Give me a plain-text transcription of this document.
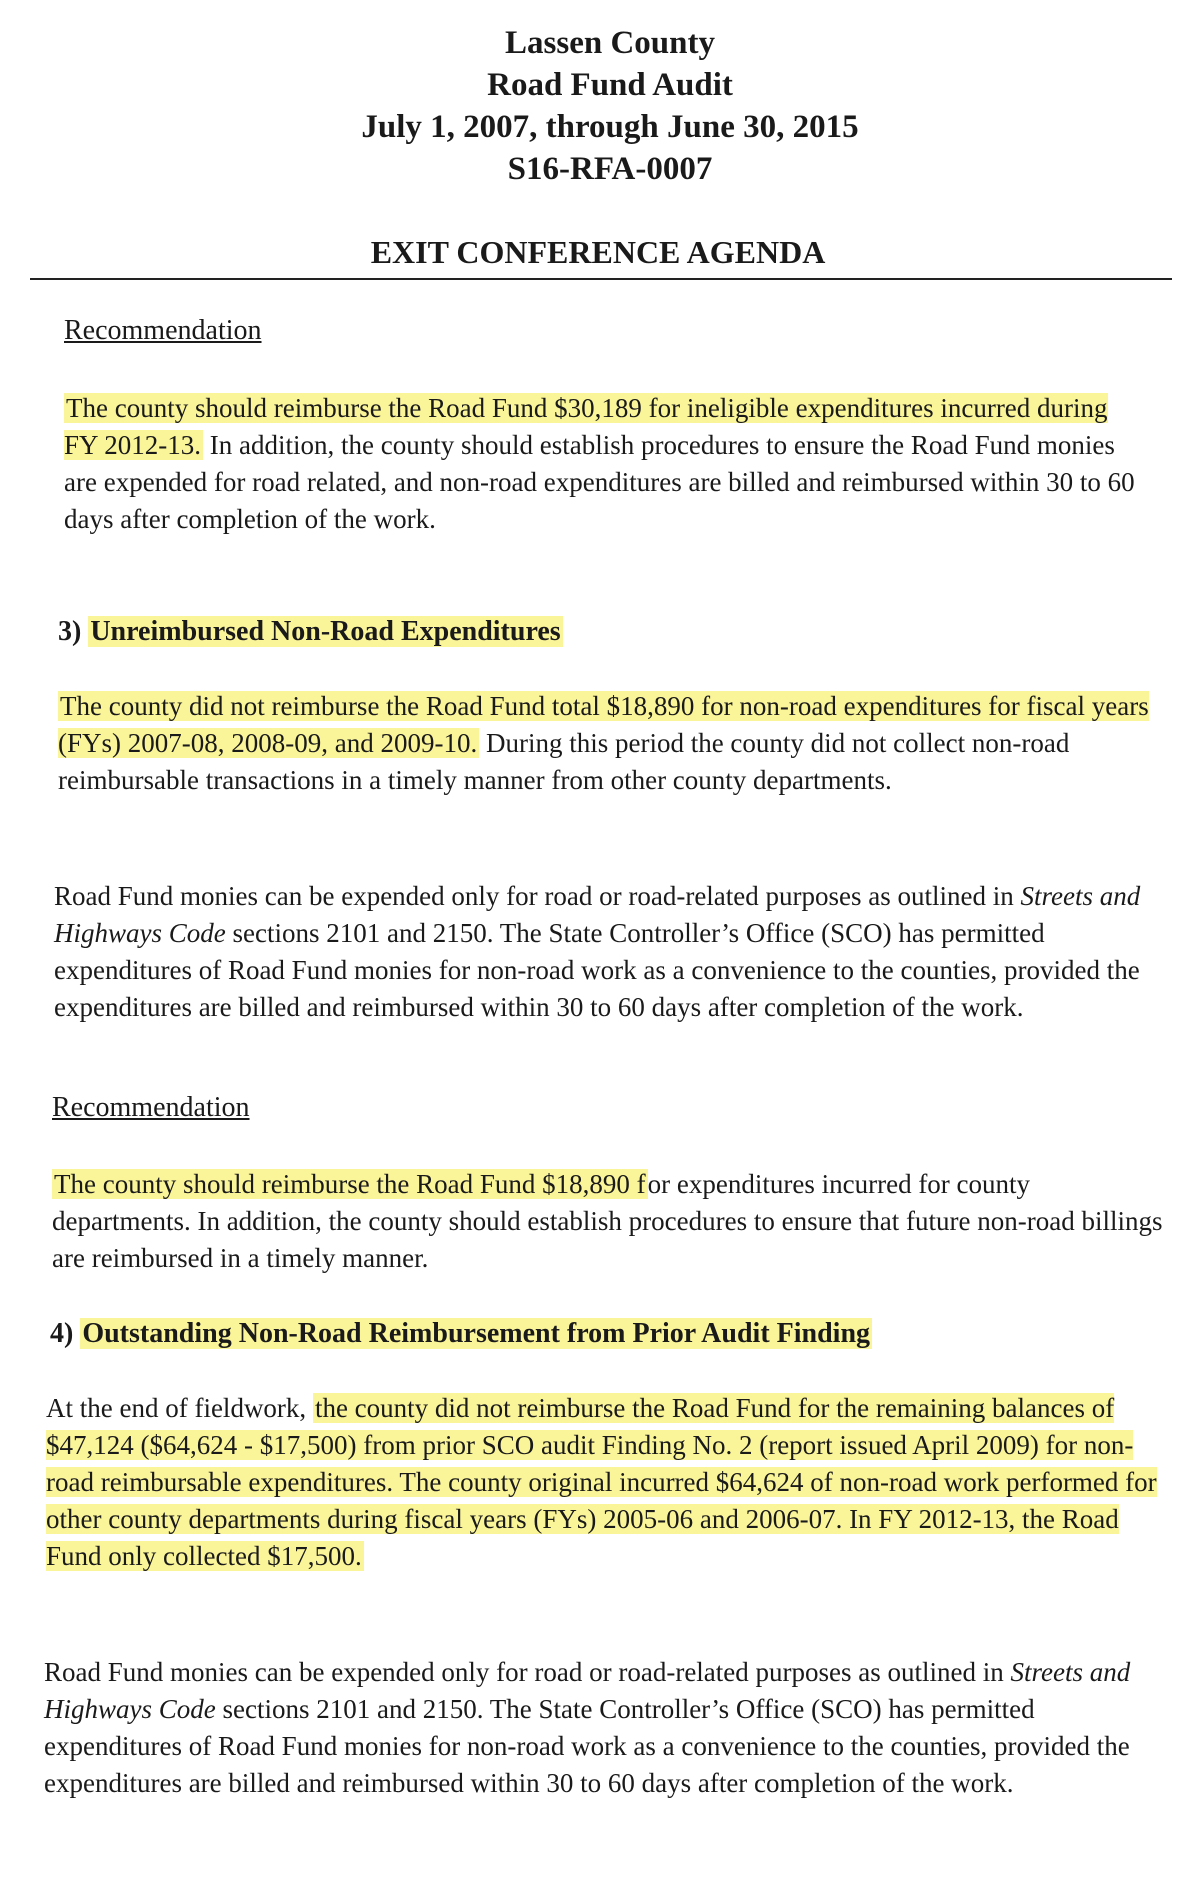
Lassen County
Road Fund Audit
July 1, 2007, through June 30, 2015
S16-RFA-0007
EXIT CONFERENCE AGENDA
Recommendation
The county should reimburse the Road Fund $30,189 for ineligible expenditures incurred during FY 2012-13. In addition, the county should establish procedures to ensure the Road Fund monies are expended for road related, and non-road expenditures are billed and reimbursed within 30 to 60 days after completion of the work.
3) Unreimbursed Non-Road Expenditures
The county did not reimburse the Road Fund total $18,890 for non-road expenditures for fiscal years (FYs) 2007-08, 2008-09, and 2009-10. During this period the county did not collect non-road reimbursable transactions in a timely manner from other county departments.
Road Fund monies can be expended only for road or road-related purposes as outlined in Streets and Highways Code sections 2101 and 2150. The State Controller’s Office (SCO) has permitted expenditures of Road Fund monies for non-road work as a convenience to the counties, provided the expenditures are billed and reimbursed within 30 to 60 days after completion of the work.
Recommendation
The county should reimburse the Road Fund $18,890 for expenditures incurred for county departments. In addition, the county should establish procedures to ensure that future non-road billings are reimbursed in a timely manner.
4) Outstanding Non-Road Reimbursement from Prior Audit Finding
At the end of fieldwork, the county did not reimburse the Road Fund for the remaining balances of $47,124 ($64,624 - $17,500) from prior SCO audit Finding No. 2 (report issued April 2009) for non-road reimbursable expenditures. The county original incurred $64,624 of non-road work performed for other county departments during fiscal years (FYs) 2005-06 and 2006-07. In FY 2012-13, the Road Fund only collected $17,500.
Road Fund monies can be expended only for road or road-related purposes as outlined in Streets and Highways Code sections 2101 and 2150. The State Controller’s Office (SCO) has permitted expenditures of Road Fund monies for non-road work as a convenience to the counties, provided the expenditures are billed and reimbursed within 30 to 60 days after completion of the work.
